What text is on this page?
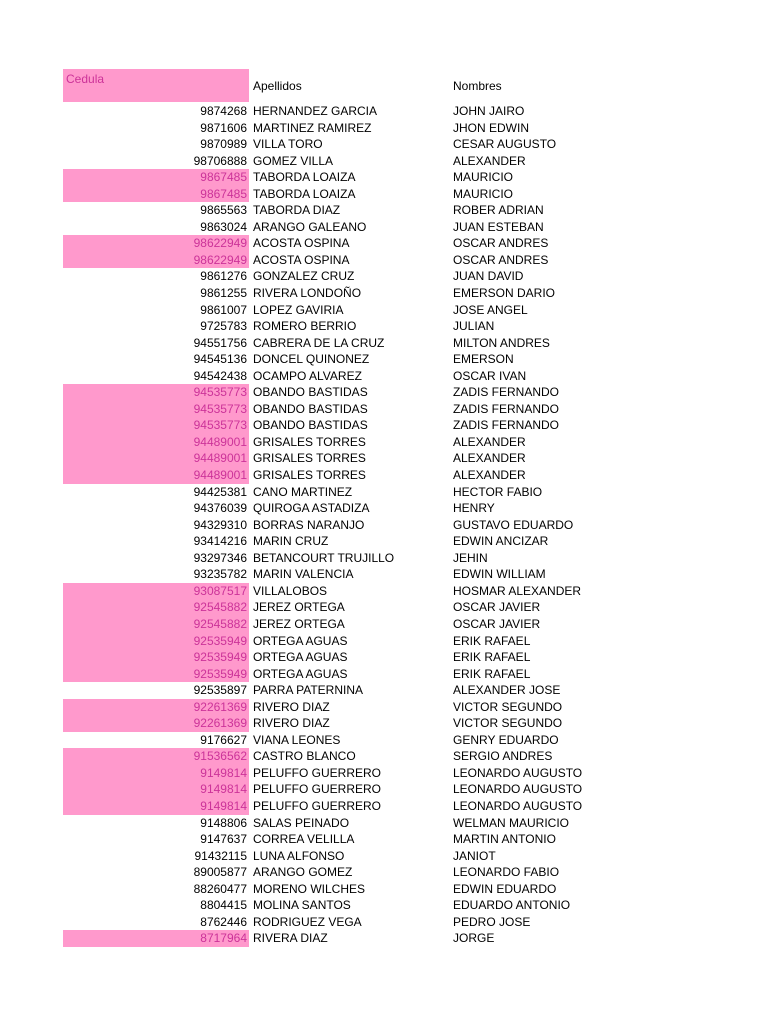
Cedula	Apellidos	Nombres
9874268 HERNANDEZ GARCIA	JOHN JAIRO
9871606 MARTINEZ RAMIREZ	JHON EDWIN
9870989 VILLA TORO	CESAR AUGUSTO
98706888 GOMEZ VILLA	ALEXANDER
9867485 TABORDA LOAIZA	MAURICIO
9867485 TABORDA LOAIZA	MAURICIO
9865563 TABORDA DIAZ	ROBER ADRIAN
9863024 ARANGO GALEANO	JUAN ESTEBAN
98622949 ACOSTA OSPINA	OSCAR ANDRES
98622949 ACOSTA OSPINA	OSCAR ANDRES
9861276 GONZALEZ CRUZ	JUAN DAVID
9861255 RIVERA LONDOÑO	EMERSON DARIO
9861007 LOPEZ GAVIRIA	JOSE ANGEL
9725783 ROMERO BERRIO	JULIAN
94551756 CABRERA DE LA CRUZ	MILTON ANDRES
94545136 DONCEL QUINONEZ	EMERSON
94542438 OCAMPO ALVAREZ	OSCAR IVAN
94535773 OBANDO BASTIDAS	ZADIS FERNANDO
94535773 OBANDO BASTIDAS	ZADIS FERNANDO
94535773 OBANDO BASTIDAS	ZADIS FERNANDO
94489001 GRISALES TORRES	ALEXANDER
94489001 GRISALES TORRES	ALEXANDER
94489001 GRISALES TORRES	ALEXANDER
94425381 CANO MARTINEZ	HECTOR FABIO
94376039 QUIROGA ASTADIZA	HENRY
94329310 BORRAS NARANJO	GUSTAVO EDUARDO
93414216 MARIN CRUZ	EDWIN ANCIZAR
93297346 BETANCOURT TRUJILLO	JEHIN
93235782 MARIN VALENCIA	EDWIN WILLIAM
93087517 VILLALOBOS	HOSMAR ALEXANDER
92545882 JEREZ ORTEGA	OSCAR JAVIER
92545882 JEREZ ORTEGA	OSCAR JAVIER
92535949 ORTEGA AGUAS	ERIK RAFAEL
92535949 ORTEGA AGUAS	ERIK RAFAEL
92535949 ORTEGA AGUAS	ERIK RAFAEL
92535897 PARRA PATERNINA	ALEXANDER JOSE
92261369 RIVERO DIAZ	VICTOR SEGUNDO
92261369 RIVERO DIAZ	VICTOR SEGUNDO
9176627 VIANA LEONES	GENRY EDUARDO
91536562 CASTRO BLANCO	SERGIO ANDRES
9149814 PELUFFO GUERRERO	LEONARDO AUGUSTO
9149814 PELUFFO GUERRERO	LEONARDO AUGUSTO
9149814 PELUFFO GUERRERO	LEONARDO AUGUSTO
9148806 SALAS PEINADO	WELMAN MAURICIO
9147637 CORREA VELILLA	MARTIN ANTONIO
91432115 LUNA ALFONSO	JANIOT
89005877 ARANGO GOMEZ	LEONARDO FABIO
88260477 MORENO WILCHES	EDWIN EDUARDO
8804415 MOLINA SANTOS	EDUARDO ANTONIO
8762446 RODRIGUEZ VEGA	PEDRO JOSE
8717964 RIVERA DIAZ	JORGE
